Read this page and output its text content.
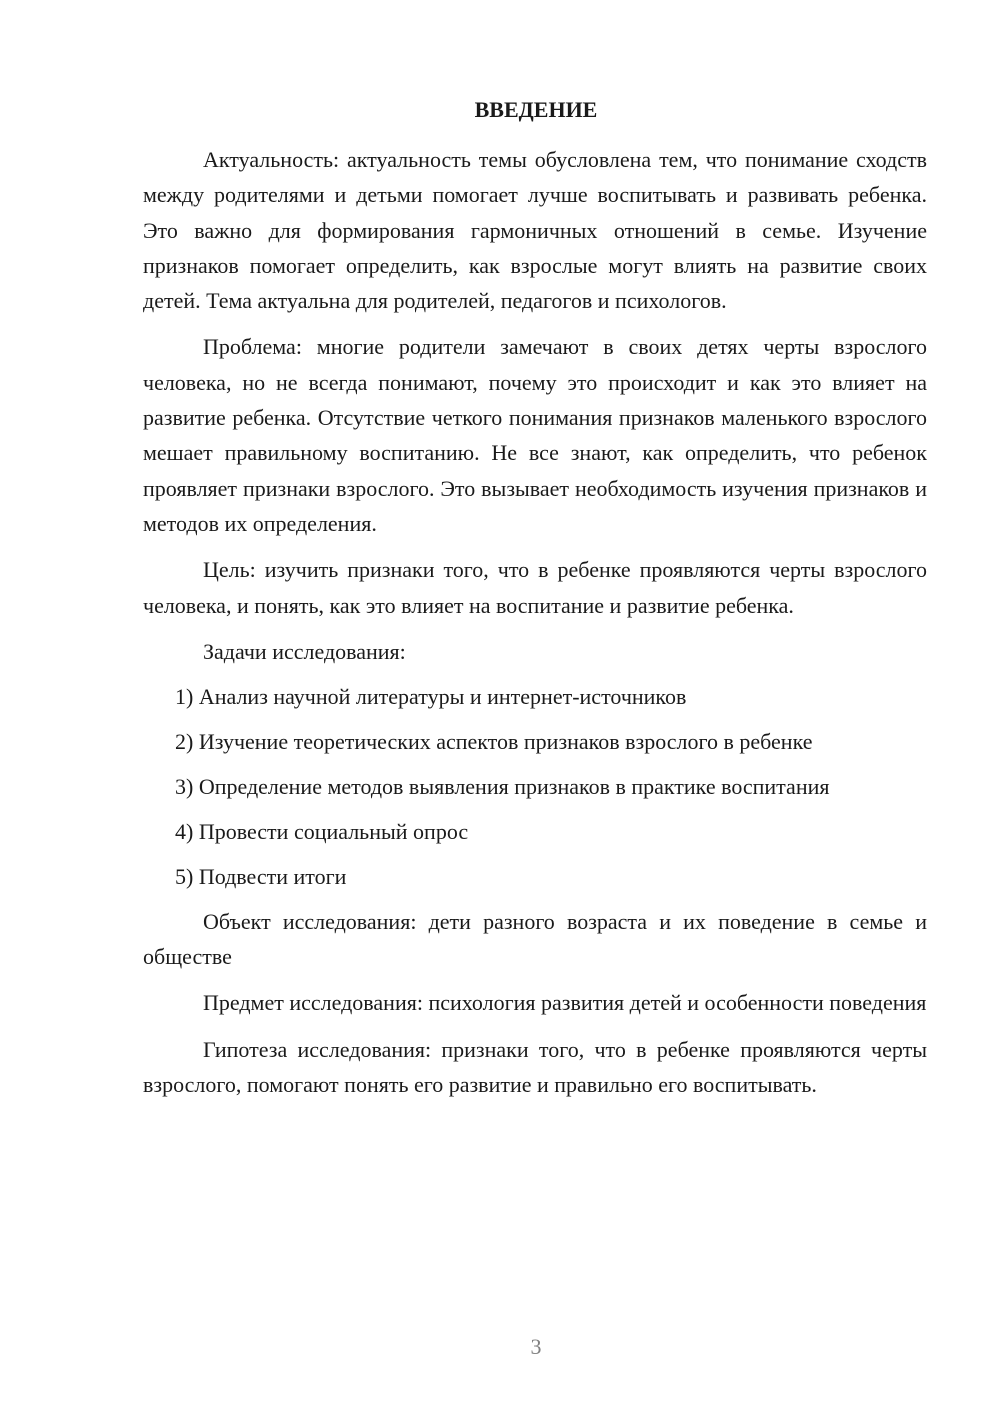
ВВЕДЕНИЕ

Актуальность: актуальность темы обусловлена тем, что понимание сходств между родителями и детьми помогает лучше воспитывать и развивать ребенка. Это важно для формирования гармоничных отношений в семье. Изучение признаков помогает определить, как взрослые могут влиять на развитие своих детей. Тема актуальна для родителей, педагогов и психологов.

Проблема: многие родители замечают в своих детях черты взрослого человека, но не всегда понимают, почему это происходит и как это влияет на развитие ребенка. Отсутствие четкого понимания признаков маленького взрослого мешает правильному воспитанию. Не все знают, как определить, что ребенок проявляет признаки взрослого. Это вызывает необходимость изучения признаков и методов их определения.

Цель: изучить признаки того, что в ребенке проявляются черты взрослого человека, и понять, как это влияет на воспитание и развитие ребенка.

Задачи исследования:
1) Анализ научной литературы и интернет-источников
2) Изучение теоретических аспектов признаков взрослого в ребенке
3) Определение методов выявления признаков в практике воспитания
4) Провести социальный опрос
5) Подвести итоги

Объект исследования: дети разного возраста и их поведение в семье и обществе

Предмет исследования: психология развития детей и особенности поведения

Гипотеза исследования: признаки того, что в ребенке проявляются черты взрослого, помогают понять его развитие и правильно его воспитывать.

3
